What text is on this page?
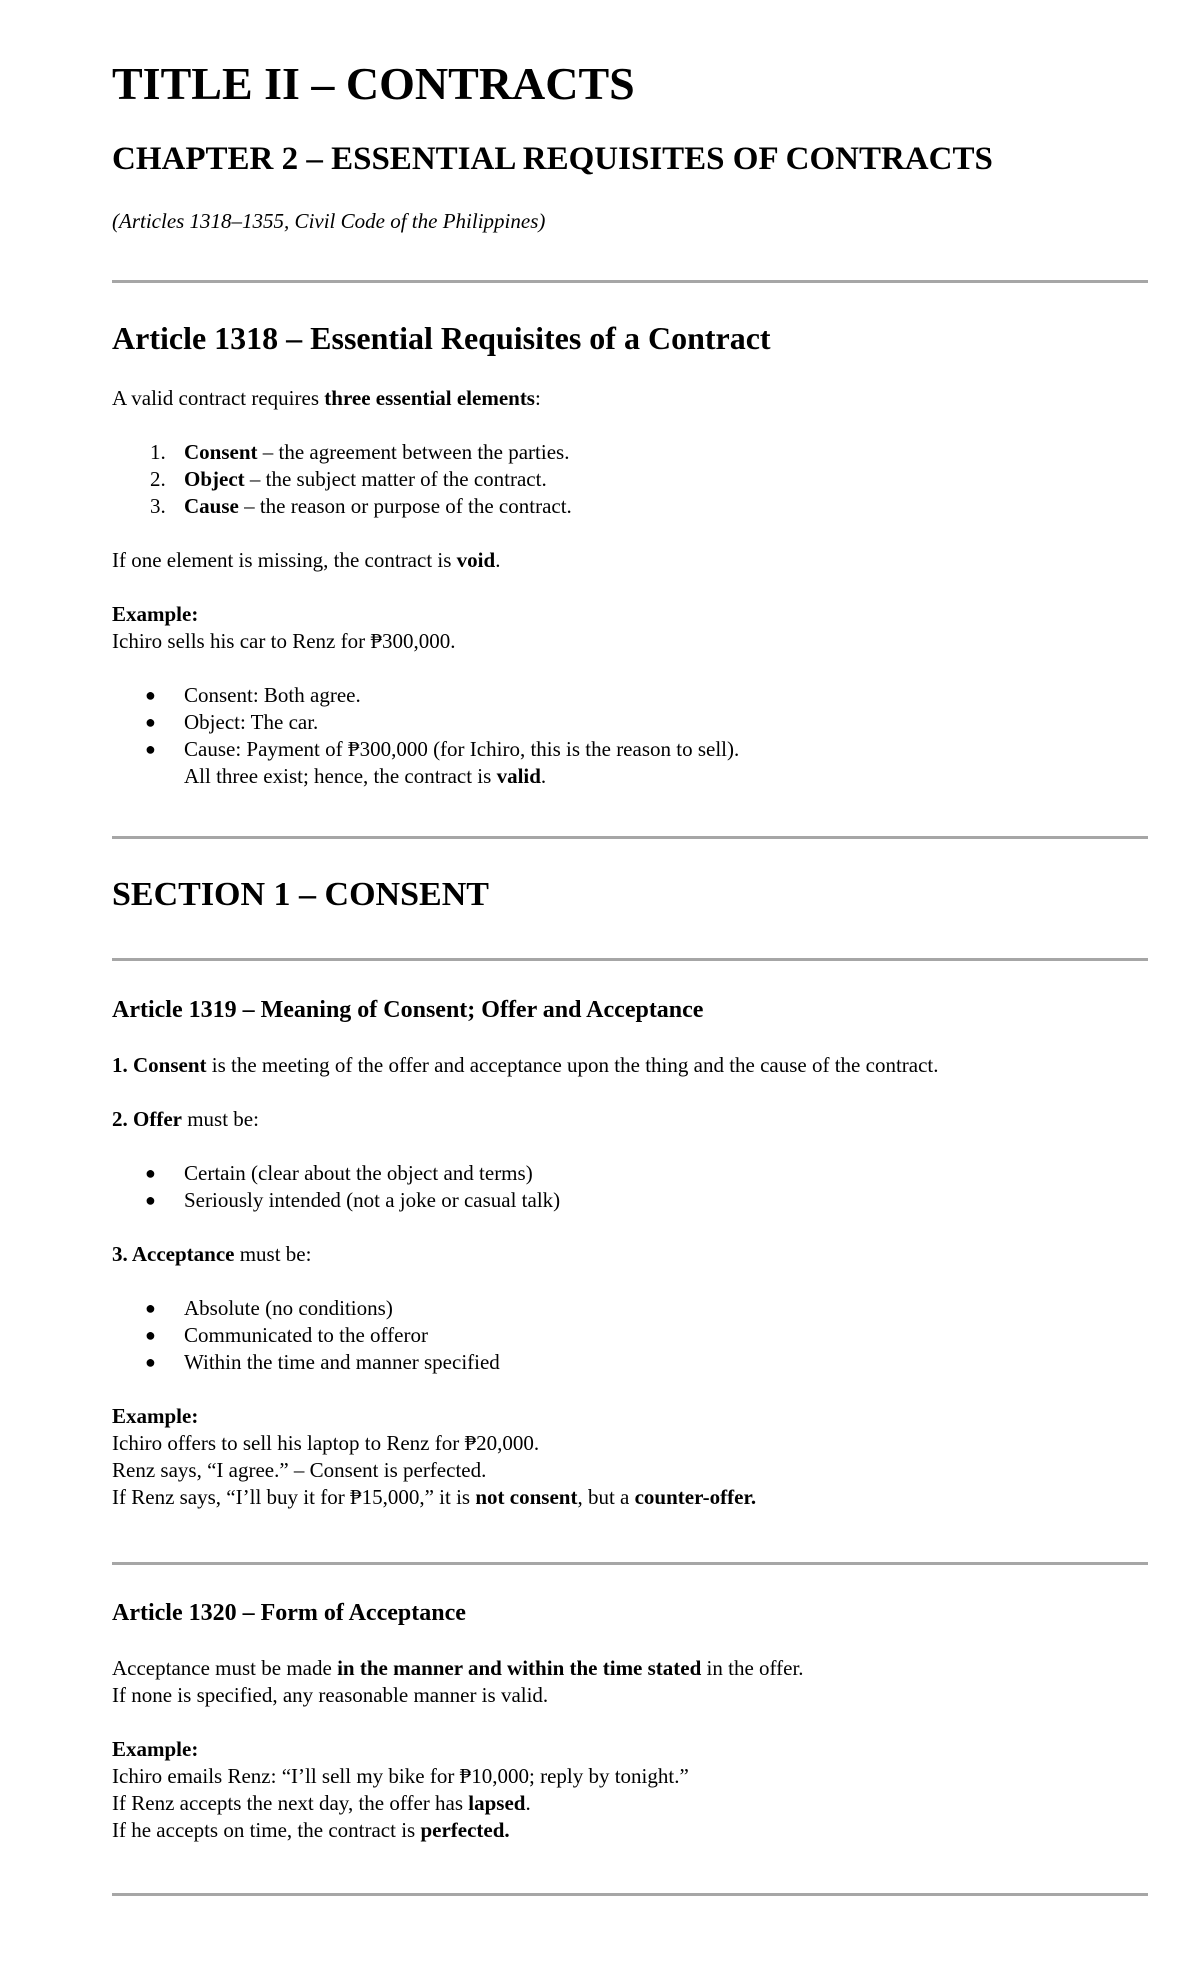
TITLE II – CONTRACTS
CHAPTER 2 – ESSENTIAL REQUISITES OF CONTRACTS

(Articles 1318–1355, Civil Code of the Philippines)

Article 1318 – Essential Requisites of a Contract

A valid contract requires three essential elements:

1. Consent – the agreement between the parties.
2. Object – the subject matter of the contract.
3. Cause – the reason or purpose of the contract.

If one element is missing, the contract is void.

Example:

Ichiro sells his car to Renz for ₱300,000.

● Consent: Both agree.
● Object: The car.
● Cause: Payment of ₱300,000 (for Ichiro, this is the reason to sell).
All three exist; hence, the contract is valid.
SECTION 1 – CONSENT
Article 1319 – Meaning of Consent; Offer and Acceptance

1. Consent is the meeting of the offer and acceptance upon the thing and the cause of the contract.

2. Offer must be:

● Certain (clear about the object and terms)
● Seriously intended (not a joke or casual talk)

3. Acceptance must be:

● Absolute (no conditions)
● Communicated to the offeror
● Within the time and manner specified

Example:

Ichiro offers to sell his laptop to Renz for ₱20,000.

Renz says, “I agree.” – Consent is perfected.

If Renz says, “I’ll buy it for ₱15,000,” it is not consent, but a counter-offer.

Article 1320 – Form of Acceptance

Acceptance must be made in the manner and within the time stated in the offer.

If none is specified, any reasonable manner is valid.

Example:

Ichiro emails Renz: “I’ll sell my bike for ₱10,000; reply by tonight.”

If Renz accepts the next day, the offer has lapsed.

If he accepts on time, the contract is perfected.
